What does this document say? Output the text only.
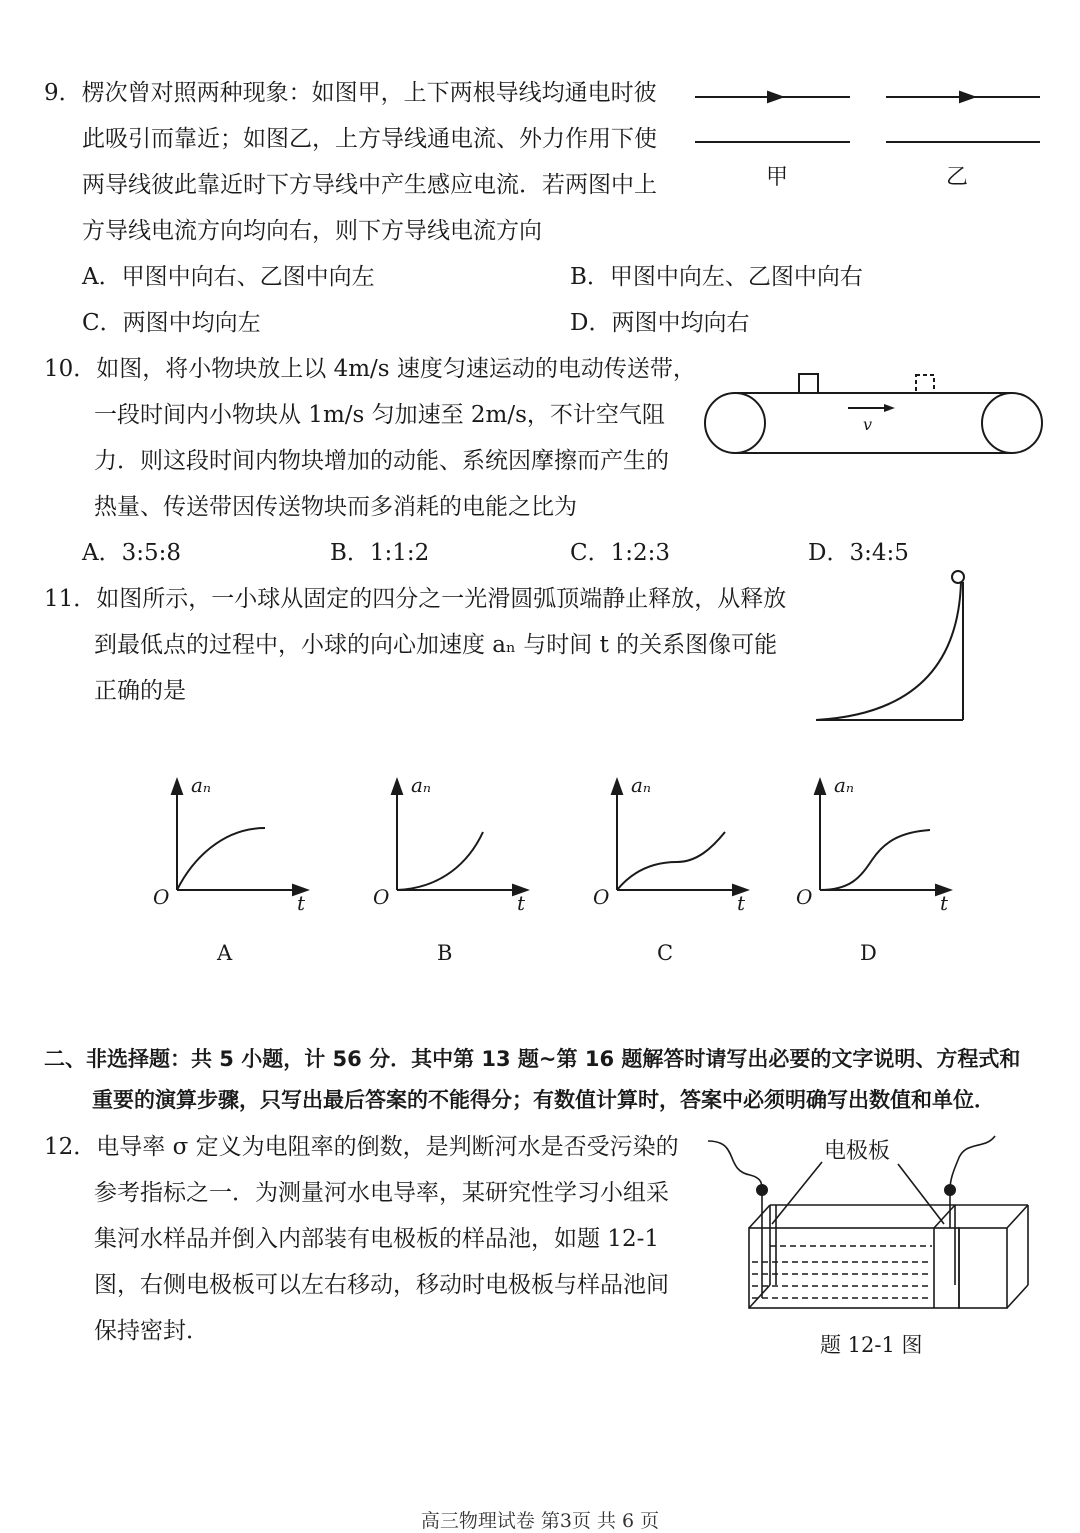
9．楞次曾对照两种现象：如图甲，上下两根导线均通电时彼
此吸引而靠近；如图乙，上方导线通电流、外力作用下使
两导线彼此靠近时下方导线中产生感应电流．若两图中上
方导线电流方向均向右，则下方导线电流方向
A．甲图中向右、乙图中向左	B．甲图中向左、乙图中向右
C．两图中均向左	D．两图中均向右
甲	乙
10．如图，将小物块放上以 4m/s 速度匀速运动的电动传送带，
一段时间内小物块从 1m/s 匀加速至 2m/s，不计空气阻
力．则这段时间内物块增加的动能、系统因摩擦而产生的
热量、传送带因传送物块而多消耗的电能之比为
A．3:5:8	B．1:1:2	C．1:2:3	D．3:4:5
v
11．如图所示，一小球从固定的四分之一光滑圆弧顶端静止释放，从释放
到最低点的过程中，小球的向心加速度 aₙ 与时间 t 的关系图像可能
正确的是
aₙ
t
O
A
aₙ
t
O
B
aₙ
t
O
C
aₙ
t
O
D
二、非选择题：共 5 小题，计 56 分．其中第 13 题~第 16 题解答时请写出必要的文字说明、方程式和
重要的演算步骤，只写出最后答案的不能得分；有数值计算时，答案中必须明确写出数值和单位．
12．电导率 σ 定义为电阻率的倒数，是判断河水是否受污染的
参考指标之一．为测量河水电导率，某研究性学习小组采
集河水样品并倒入内部装有电极板的样品池，如题 12-1
图，右侧电极板可以左右移动，移动时电极板与样品池间
保持密封．
电极板
题 12-1 图
高三物理试卷 第3页 共 6 页
